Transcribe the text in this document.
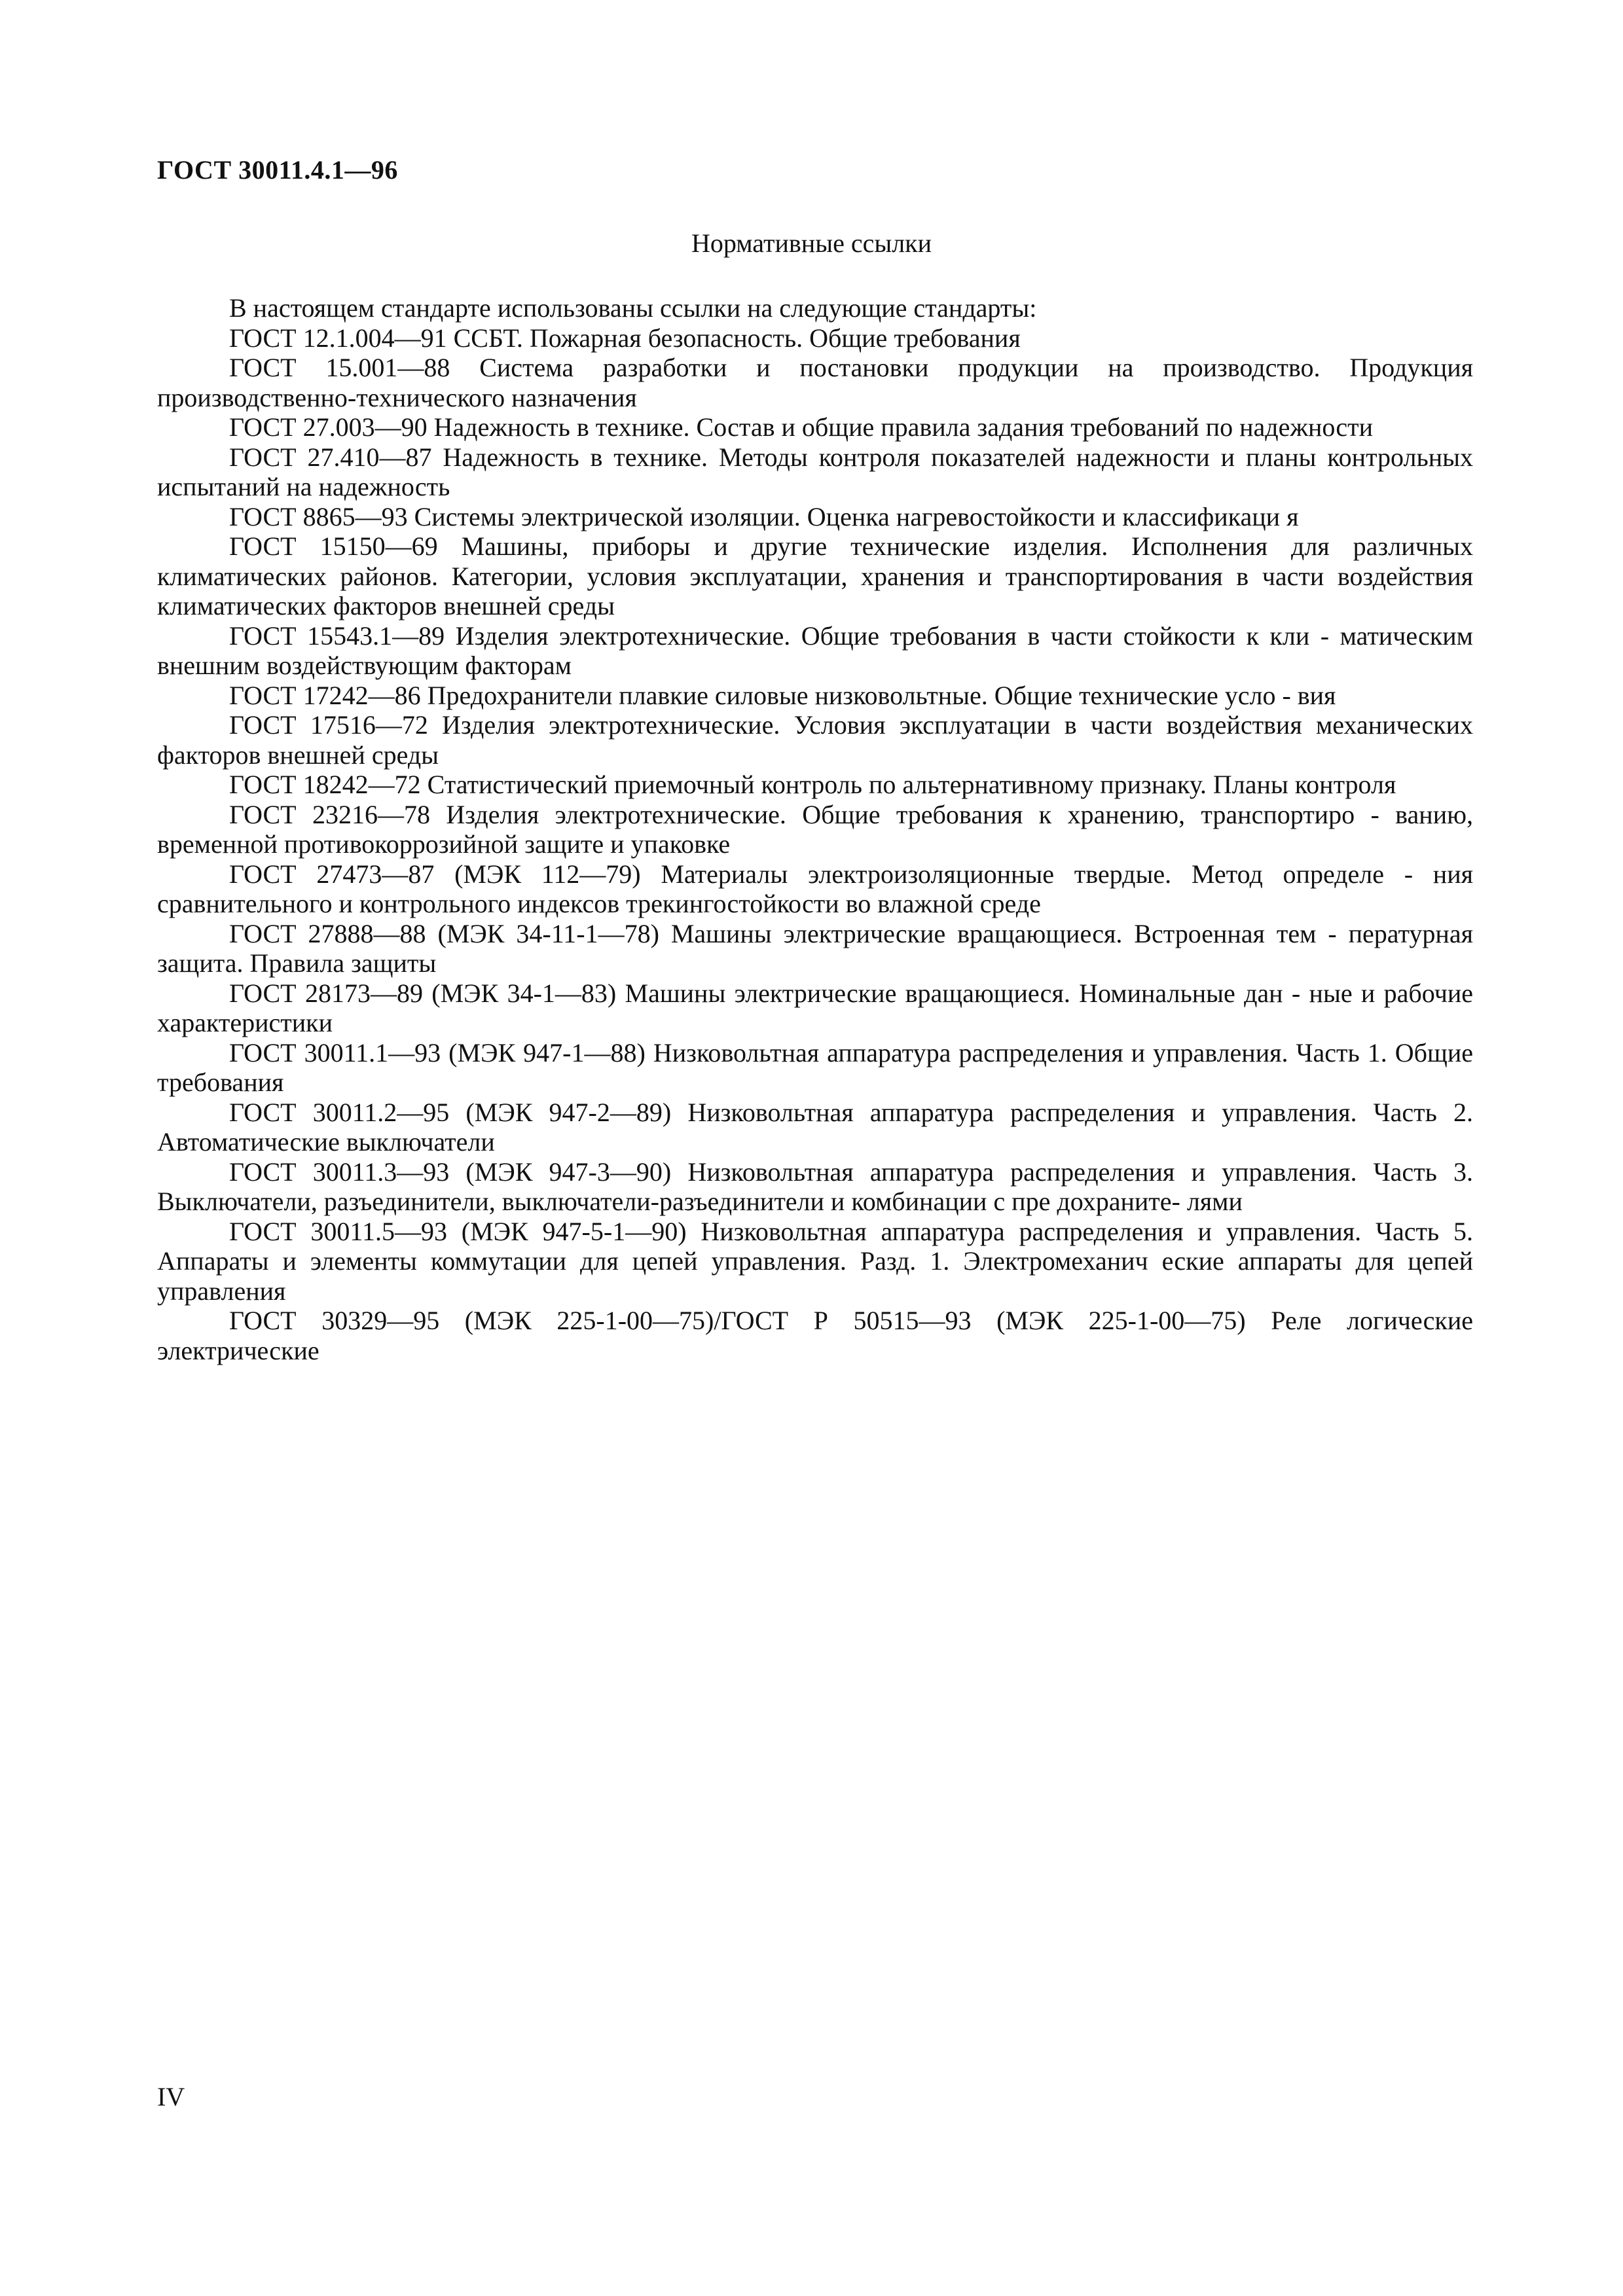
ГОСТ 30011.4.1—96
Нормативные ссылки

В настоящем стандарте использованы ссылки на следующие стандарты:

ГОСТ 12.1.004—91 ССБТ. Пожарная безопасность. Общие требования

ГОСТ 15.001—88 Система разработки и постановки продукции на производство. Продукция производственно-технического назначения

ГОСТ 27.003—90 Надежность в технике. Состав и общие правила задания требований по надежности

ГОСТ 27.410—87 Надежность в технике. Методы контроля показателей надежности и планы контрольных испытаний на надежность

ГОСТ 8865—93 Системы электрической изоляции. Оценка нагревостойкости и классификаци я

ГОСТ 15150—69 Машины, приборы и другие технические изделия. Исполнения для различных климатических районов. Категории, условия эксплуатации, хранения и транспортирования в части воздействия климатических факторов внешней среды

ГОСТ 15543.1—89 Изделия электротехнические. Общие требования в части стойкости к кли - матическим внешним воздействующим факторам

ГОСТ 17242—86 Предохранители плавкие силовые низковольтные. Общие технические усло - вия

ГОСТ 17516—72 Изделия электротехнические. Условия эксплуатации в части воздействия механических факторов внешней среды

ГОСТ 18242—72 Статистический приемочный контроль по альтернативному признаку. Планы контроля

ГОСТ 23216—78 Изделия электротехнические. Общие требования к хранению, транспортиро - ванию, временной противокоррозийной защите и упаковке

ГОСТ 27473—87 (МЭК 112—79) Материалы электроизоляционные твердые. Метод определе - ния сравнительного и контрольного индексов трекингостойкости во влажной среде

ГОСТ 27888—88 (МЭК 34-11-1—78) Машины электрические вращающиеся. Встроенная тем - пературная защита. Правила защиты

ГОСТ 28173—89 (МЭК 34-1—83) Машины электрические вращающиеся. Номинальные дан - ные и рабочие характеристики

ГОСТ 30011.1—93 (МЭК 947-1—88) Низковольтная аппаратура распределения и управления. Часть 1. Общие требования

ГОСТ 30011.2—95 (МЭК 947-2—89) Низковольтная аппаратура распределения и управления. Часть 2. Автоматические выключатели

ГОСТ 30011.3—93 (МЭК 947-3—90) Низковольтная аппаратура распределения и управления. Часть 3. Выключатели, разъединители, выключатели-разъединители и комбинации с пре дохраните- лями

ГОСТ 30011.5—93 (МЭК 947-5-1—90) Низковольтная аппаратура распределения и управления. Часть 5. Аппараты и элементы коммутации для цепей управления. Разд. 1. Электромеханич еские аппараты для цепей управления

ГОСТ 30329—95 (МЭК 225-1-00—75)/ГОСТ Р 50515—93 (МЭК 225-1-00—75) Реле логические электрические

IV
